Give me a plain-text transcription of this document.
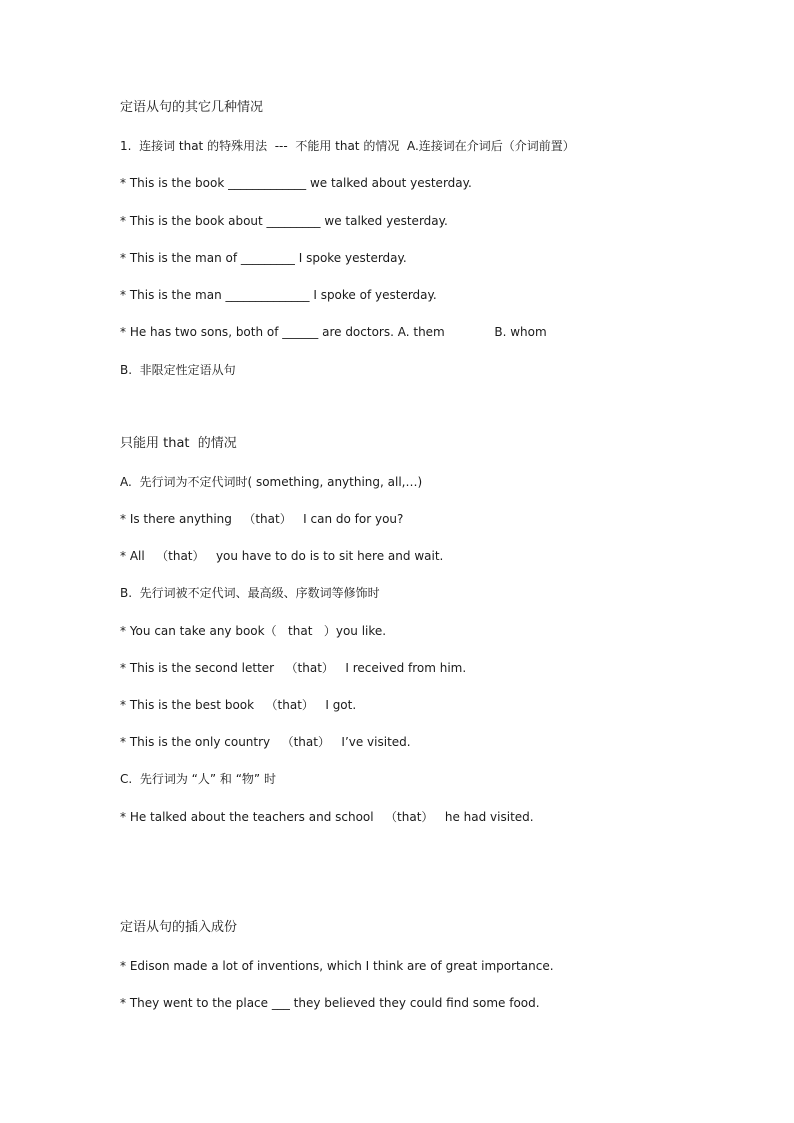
定语从句的其它几种情况
1.  连接词 that 的特殊用法  ---  不能用 that 的情况  A.连接词在介词后（介词前置）
* This is the book _____________ we talked about yesterday.
* This is the book about _________ we talked yesterday.
* This is the man of _________ I spoke yesterday.
* This is the man ______________ I spoke of yesterday.
* He has two sons, both of ______ are doctors. A. them             B. whom
B.  非限定性定语从句
只能用 that  的情况
A.  先行词为不定代词时( something, anything, all,…)
* Is there anything   （that）   I can do for you?
* All   （that）   you have to do is to sit here and wait.
B.  先行词被不定代词、最高级、序数词等修饰时
* You can take any book（   that   ）you like.
* This is the second letter   （that）   I received from him.
* This is the best book   （that）   I got.
* This is the only country   （that）   I’ve visited.
C.  先行词为 “人” 和 “物” 时
* He talked about the teachers and school   （that）   he had visited.
定语从句的插入成份
* Edison made a lot of inventions, which I think are of great importance.
* They went to the place ___ they believed they could find some food.
